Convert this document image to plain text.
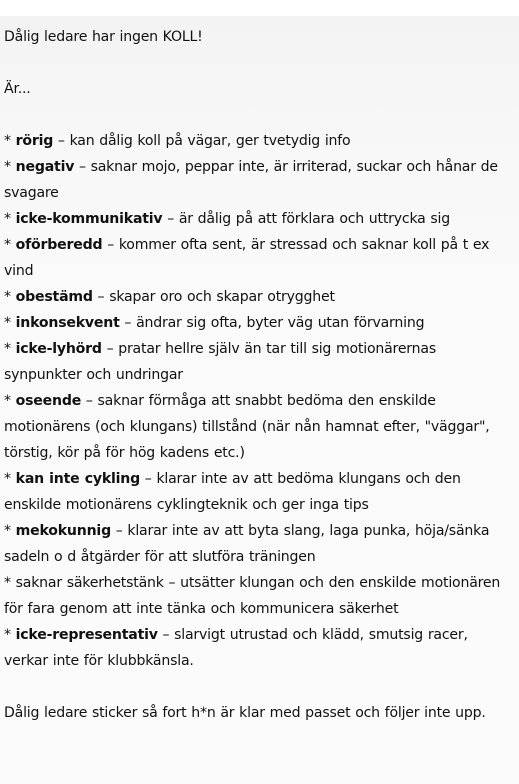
Dålig ledare har ingen KOLL!

Är...

* rörig – kan dålig koll på vägar, ger tvetydig info

* negativ – saknar mojo, peppar inte, är irriterad, suckar och hånar de svagare

* icke-kommunikativ – är dålig på att förklara och uttrycka sig

* oförberedd – kommer ofta sent, är stressad och saknar koll på t ex vind

* obestämd – skapar oro och skapar otrygghet

* inkonsekvent – ändrar sig ofta, byter väg utan förvarning

* icke-lyhörd – pratar hellre själv än tar till sig motionärernas synpunkter och undringar

* oseende – saknar förmåga att snabbt bedöma den enskilde motionärens (och klungans) tillstånd (när nån hamnat efter, "väggar", törstig, kör på för hög kadens etc.)

* kan inte cykling – klarar inte av att bedöma klungans och den enskilde motionärens cyklingteknik och ger inga tips

* mekokunnig – klarar inte av att byta slang, laga punka, höja/sänka sadeln o d åtgärder för att slutföra träningen

* saknar säkerhetstänk – utsätter klungan och den enskilde motionären för fara genom att inte tänka och kommunicera säkerhet

* icke-representativ – slarvigt utrustad och klädd, smutsig racer, verkar inte för klubbkänsla.

Dålig ledare sticker så fort h*n är klar med passet och följer inte upp.
